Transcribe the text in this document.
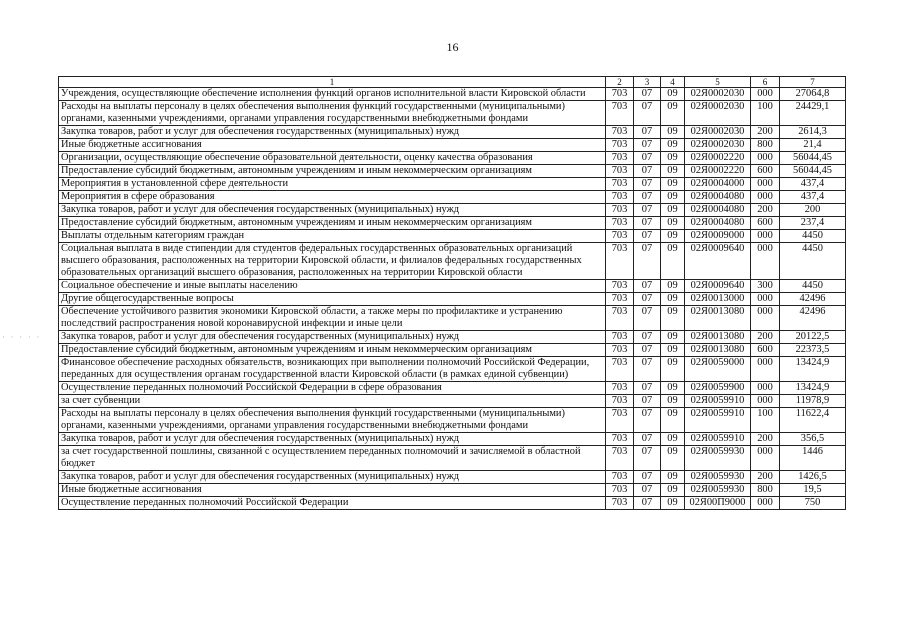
16
· · · · ·
1	2	3	4	5	6	7
Учреждения, осуществляющие обеспечение исполнения функций органов исполнительной власти Кировской области	703	07	09	02Я0002030	000	27064,8
Расходы на выплаты персоналу в целях обеспечения выполнения функций государственными (муниципальными) органами, казенными учреждениями, органами управления государственными внебюджетными фондами	703	07	09	02Я0002030	100	24429,1
Закупка товаров, работ и услуг для обеспечения государственных (муниципальных) нужд	703	07	09	02Я0002030	200	2614,3
Иные бюджетные ассигнования	703	07	09	02Я0002030	800	21,4
Организации, осуществляющие обеспечение образовательной деятельности, оценку качества образования	703	07	09	02Я0002220	000	56044,45
Предоставление субсидий бюджетным, автономным учреждениям и иным некоммерческим организациям	703	07	09	02Я0002220	600	56044,45
Мероприятия в установленной сфере деятельности	703	07	09	02Я0004000	000	437,4
Мероприятия в сфере образования	703	07	09	02Я0004080	000	437,4
Закупка товаров, работ и услуг для обеспечения государственных (муниципальных) нужд	703	07	09	02Я0004080	200	200
Предоставление субсидий бюджетным, автономным учреждениям и иным некоммерческим организациям	703	07	09	02Я0004080	600	237,4
Выплаты отдельным категориям граждан	703	07	09	02Я0009000	000	4450
Социальная выплата в виде стипендии для студентов федеральных государственных образовательных организаций высшего образования, расположенных на территории Кировской области, и филиалов федеральных государственных образовательных организаций высшего образования, расположенных на территории Кировской области	703	07	09	02Я0009640	000	4450
Социальное обеспечение и иные выплаты населению	703	07	09	02Я0009640	300	4450
Другие общегосударственные вопросы	703	07	09	02Я0013000	000	42496
Обеспечение устойчивого развития экономики Кировской области, а также меры по профилактике и устранению последствий распространения новой коронавирусной инфекции и иные цели	703	07	09	02Я0013080	000	42496
Закупка товаров, работ и услуг для обеспечения государственных (муниципальных) нужд	703	07	09	02Я0013080	200	20122,5
Предоставление субсидий бюджетным, автономным учреждениям и иным некоммерческим организациям	703	07	09	02Я0013080	600	22373,5
Финансовое обеспечение расходных обязательств, возникающих при выполнении полномочий Российской Федерации, переданных для осуществления органам государственной власти Кировской области (в рамках единой субвенции)	703	07	09	02Я0059000	000	13424,9
Осуществление переданных полномочий Российской Федерации в сфере образования	703	07	09	02Я0059900	000	13424,9
за счет субвенции	703	07	09	02Я0059910	000	11978,9
Расходы на выплаты персоналу в целях обеспечения выполнения функций государственными (муниципальными) органами, казенными учреждениями, органами управления государственными внебюджетными фондами	703	07	09	02Я0059910	100	11622,4
Закупка товаров, работ и услуг для обеспечения государственных (муниципальных) нужд	703	07	09	02Я0059910	200	356,5
за счет государственной пошлины, связанной с осуществлением переданных полномочий и зачисляемой в областной бюджет	703	07	09	02Я0059930	000	1446
Закупка товаров, работ и услуг для обеспечения государственных (муниципальных) нужд	703	07	09	02Я0059930	200	1426,5
Иные бюджетные ассигнования	703	07	09	02Я0059930	800	19,5
Осуществление переданных полномочий Российской Федерации	703	07	09	02Я00П9000	000	750
